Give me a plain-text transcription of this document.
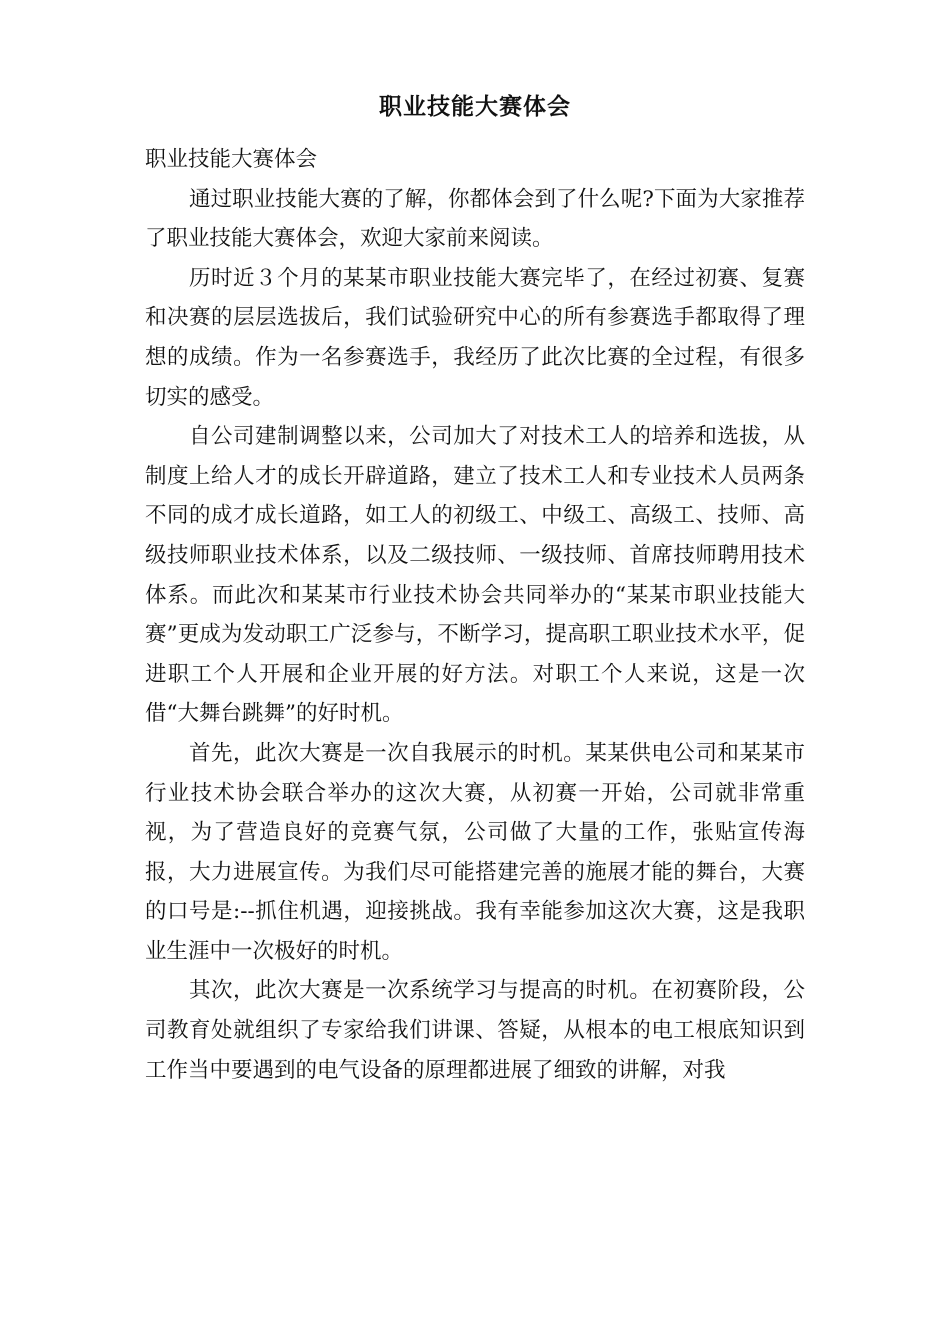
职业技能大赛体会

职业技能大赛体会

通过职业技能大赛的了解，你都体会到了什么呢?下面为大家推荐了职业技能大赛体会，欢迎大家前来阅读。

历时近３个月的某某市职业技能大赛完毕了，在经过初赛、复赛和决赛的层层选拔后，我们试验研究中心的所有参赛选手都取得了理想的成绩。作为一名参赛选手，我经历了此次比赛的全过程，有很多切实的感受。

自公司建制调整以来，公司加大了对技术工人的培养和选拔，从制度上给人才的成长开辟道路，建立了技术工人和专业技术人员两条不同的成才成长道路，如工人的初级工、中级工、高级工、技师、高级技师职业技术体系，以及二级技师、一级技师、首席技师聘用技术体系。而此次和某某市行业技术协会共同举办的“某某市职业技能大赛”更成为发动职工广泛参与，不断学习，提高职工职业技术水平，促进职工个人开展和企业开展的好方法。对职工个人来说，这是一次借“大舞台跳舞”的好时机。

首先，此次大赛是一次自我展示的时机。某某供电公司和某某市行业技术协会联合举办的这次大赛，从初赛一开始，公司就非常重视，为了营造良好的竞赛气氛，公司做了大量的工作，张贴宣传海报，大力进展宣传。为我们尽可能搭建完善的施展才能的舞台，大赛的口号是:--抓住机遇，迎接挑战。我有幸能参加这次大赛，这是我职业生涯中一次极好的时机。

其次，此次大赛是一次系统学习与提高的时机。在初赛阶段，公司教育处就组织了专家给我们讲课、答疑，从根本的电工根底知识到工作当中要遇到的电气设备的原理都进展了细致的讲解，对我
